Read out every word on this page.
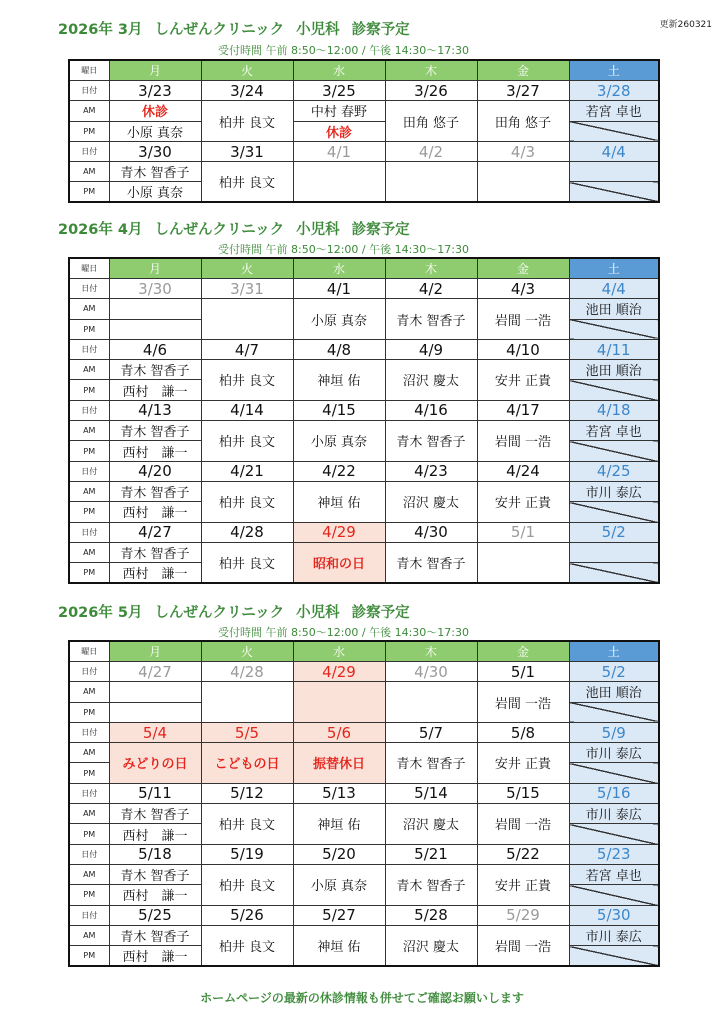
更新260321
2026年 3月 しんぜんクリニック 小児科 診察予定
受付時間 午前 8:50～12:00 / 午後 14:30～17:30
曜日	月	火	水	木	金	土
日付	3/23	3/24	3/25	3/26	3/27	3/28
AM	休診	柏井 良文	中村 春野	田角 悠子	田角 悠子	若宮 卓也
PM	小原 真奈		休診			
日付	3/30	3/31	4/1	4/2	4/3	4/4
AM	青木 智香子	柏井 良文				
PM	小原 真奈					
2026年 4月 しんぜんクリニック 小児科 診察予定
受付時間 午前 8:50～12:00 / 午後 14:30～17:30
曜日	月	火	水	木	金	土
日付	3/30	3/31	4/1	4/2	4/3	4/4
AM			小原 真奈	青木 智香子	岩間 一浩	池田 順治
PM						
日付	4/6	4/7	4/8	4/9	4/10	4/11
AM	青木 智香子	柏井 良文	神垣 佑	沼沢 慶太	安井 正貴	池田 順治
PM	西村　謙一					
日付	4/13	4/14	4/15	4/16	4/17	4/18
AM	青木 智香子	柏井 良文	小原 真奈	青木 智香子	岩間 一浩	若宮 卓也
PM	西村　謙一					
日付	4/20	4/21	4/22	4/23	4/24	4/25
AM	青木 智香子	柏井 良文	神垣 佑	沼沢 慶太	安井 正貴	市川 泰広
PM	西村　謙一					
日付	4/27	4/28	4/29	4/30	5/1	5/2
AM	青木 智香子	柏井 良文	昭和の日	青木 智香子		
PM	西村　謙一					
2026年 5月 しんぜんクリニック 小児科 診察予定
受付時間 午前 8:50～12:00 / 午後 14:30～17:30
曜日	月	火	水	木	金	土
日付	4/27	4/28	4/29	4/30	5/1	5/2
AM					岩間 一浩	池田 順治
PM						
日付	5/4	5/5	5/6	5/7	5/8	5/9
AM	みどりの日	こどもの日	振替休日	青木 智香子	安井 正貴	市川 泰広
PM						
日付	5/11	5/12	5/13	5/14	5/15	5/16
AM	青木 智香子	柏井 良文	神垣 佑	沼沢 慶太	岩間 一浩	市川 泰広
PM	西村　謙一					
日付	5/18	5/19	5/20	5/21	5/22	5/23
AM	青木 智香子	柏井 良文	小原 真奈	青木 智香子	安井 正貴	若宮 卓也
PM	西村　謙一					
日付	5/25	5/26	5/27	5/28	5/29	5/30
AM	青木 智香子	柏井 良文	神垣 佑	沼沢 慶太	岩間 一浩	市川 泰広
PM	西村　謙一					
ホームページの最新の休診情報も併せてご確認お願いします
